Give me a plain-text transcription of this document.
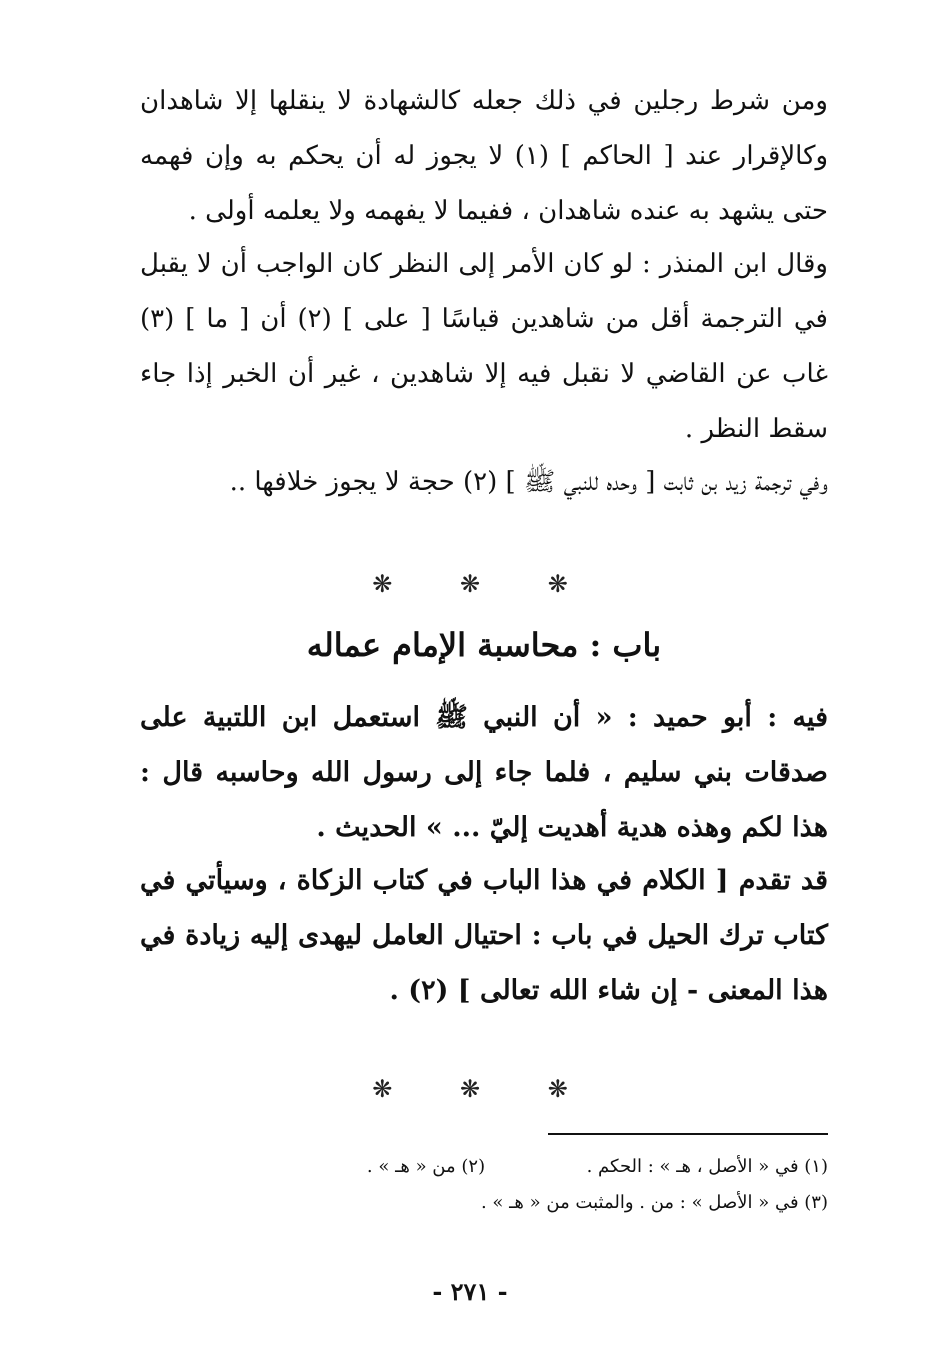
ومن شرط رجلين في ذلك جعله كالشهادة لا ينقلها إلا شاهدان وكالإقرار عند [ الحاكم ] (١) لا يجوز له أن يحكم به وإن فهمه حتى يشهد به عنده شاهدان ، ففيما لا يفهمه ولا يعلمه أولى .
وقال ابن المنذر : لو كان الأمر إلى النظر كان الواجب أن لا يقبل في الترجمة أقل من شاهدين قياسًا [ على ] (٢) أن [ ما ] (٣) غاب عن القاضي لا نقبل فيه إلا شاهدين ، غير أن الخبر إذا جاء سقط النظر .
وفي ترجمة زيد بن ثابت [ وحده للنبي ﷺ ] (٢) حجة لا يجوز خلافها ..
❋	❋	❋
باب : محاسبة الإمام عماله
فيه : أبو حميد : « أن النبي ﷺ استعمل ابن اللتبية على صدقات بني سليم ، فلما جاء إلى رسول الله وحاسبه قال : هذا لكم وهذه هدية أهديت إليّ ... » الحديث .
قد تقدم [ الكلام في هذا الباب في كتاب الزكاة ، وسيأتي في كتاب ترك الحيل في باب : احتيال العامل ليهدى إليه زيادة في هذا المعنى - إن شاء الله تعالى ] (٢) .
❋	❋	❋
(١) في « الأصل ، هـ » : الحكم .  (٢) من « هـ » .
(٣) في « الأصل » : من . والمثبت من « هـ » .
- ٢٧١ -
